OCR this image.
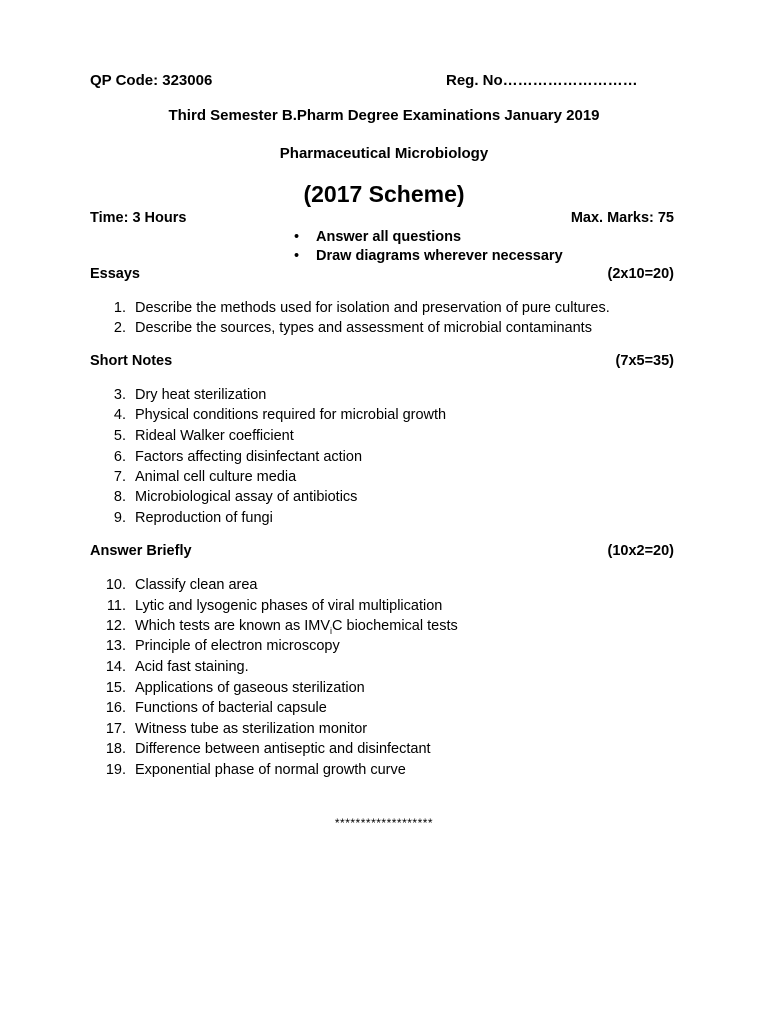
QP Code: 323006	Reg. No………………………
Third Semester B.Pharm Degree Examinations January 2019
Pharmaceutical Microbiology
(2017 Scheme)
Time: 3 Hours	Max. Marks: 75
• Answer all questions
• Draw diagrams wherever necessary
Essays	(2x10=20)
1. Describe the methods used for isolation and preservation of pure cultures.
2. Describe the sources, types and assessment of microbial contaminants
Short Notes	(7x5=35)
3. Dry heat sterilization
4. Physical conditions required for microbial growth
5. Rideal Walker coefficient
6. Factors affecting disinfectant action
7. Animal cell culture media
8. Microbiological assay of antibiotics
9. Reproduction of fungi
Answer Briefly	(10x2=20)
10. Classify clean area
11. Lytic and lysogenic phases of viral multiplication
12. Which tests are known as $IMV_iC$ biochemical tests
13. Principle of electron microscopy
14. Acid fast staining.
15. Applications of gaseous sterilization
16. Functions of bacterial capsule
17. Witness tube as sterilization monitor
18. Difference between antiseptic and disinfectant
19. Exponential phase of normal growth curve
*******************
